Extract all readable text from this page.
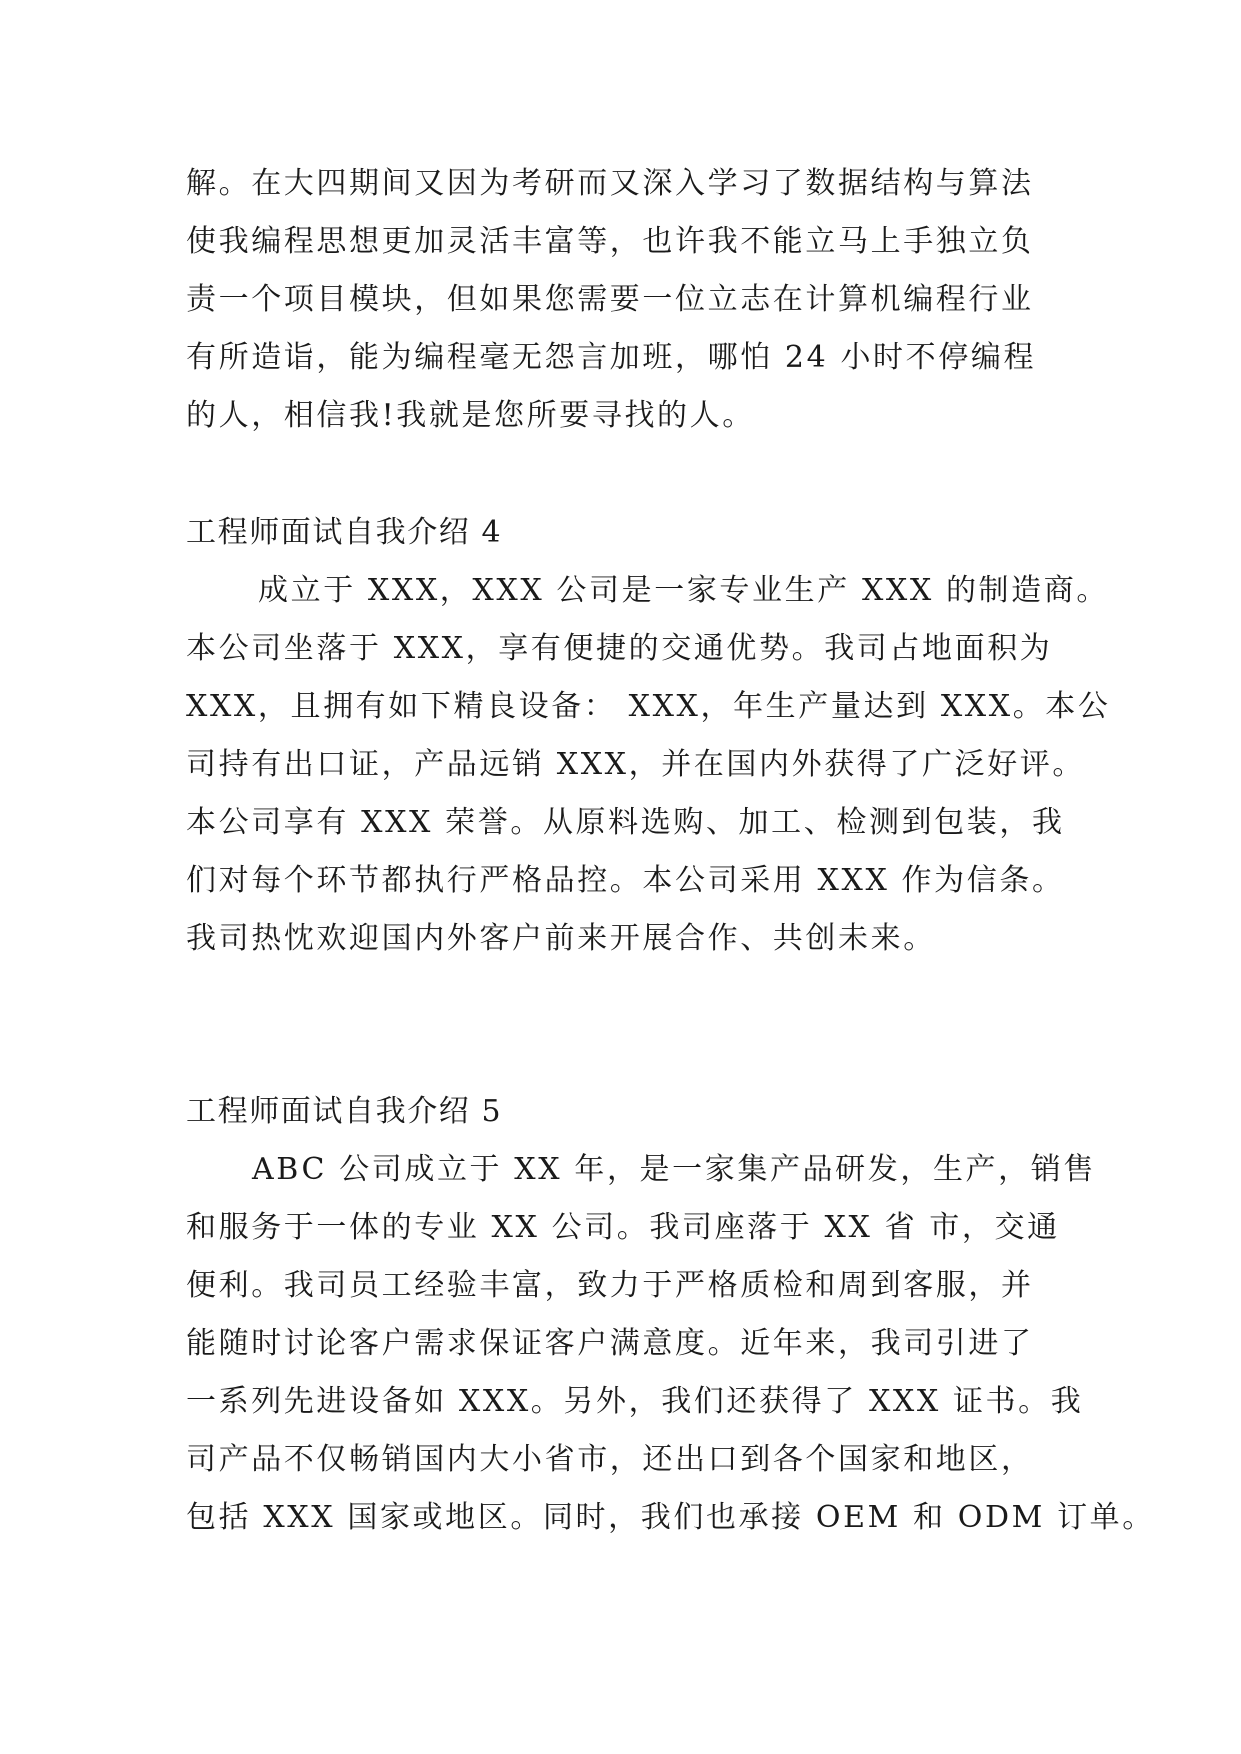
解。在大四期间又因为考研而又深入学习了数据结构与算法

使我编程思想更加灵活丰富等，也许我不能立马上手独立负

责一个项目模块，但如果您需要一位立志在计算机编程行业

有所造诣，能为编程毫无怨言加班，哪怕 24 小时不停编程

的人，相信我!我就是您所要寻找的人。

工程师面试自我介绍 4

成立于 XXX，XXX 公司是一家专业生产 XXX 的制造商。

本公司坐落于 XXX，享有便捷的交通优势。我司占地面积为

XXX，且拥有如下精良设备： XXX，年生产量达到 XXX。本公

司持有出口证，产品远销 XXX，并在国内外获得了广泛好评。

本公司享有 XXX 荣誉。从原料选购、加工、检测到包装，我

们对每个环节都执行严格品控。本公司采用 XXX 作为信条。

我司热忱欢迎国内外客户前来开展合作、共创未来。

工程师面试自我介绍 5

ABC 公司成立于 XX 年，是一家集产品研发，生产，销售

和服务于一体的专业 XX 公司。我司座落于 XX 省 市，交通

便利。我司员工经验丰富，致力于严格质检和周到客服，并

能随时讨论客户需求保证客户满意度。近年来，我司引进了

一系列先进设备如 XXX。另外，我们还获得了 XXX 证书。我

司产品不仅畅销国内大小省市，还出口到各个国家和地区，

包括 XXX 国家或地区。同时，我们也承接 OEM 和 ODM 订单。
